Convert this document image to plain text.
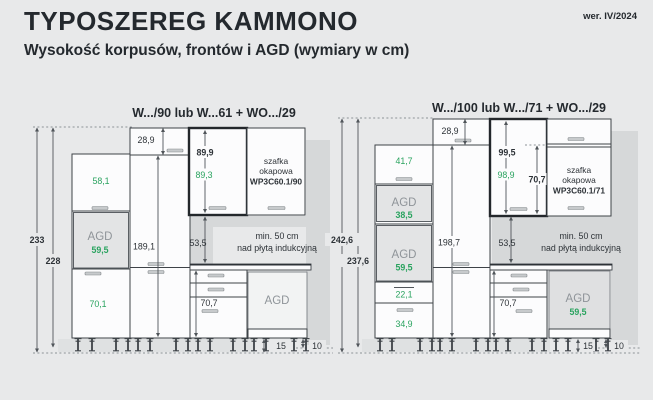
TYPOSZEREG KAMMONO
Wysokość korpusów, frontów i AGD (wymiary w cm)
wer. IV/2024
W.../90 lub W...61 + WO.../29
233
228
58,1
AGD
59,5
70,1
28,9
189,1
89,9
89,3
szafka
okapowa
WP3C60.1/90
53,5
min. 50 cm
nad płytą indukcyjną
70,7	AGD
15	10
W.../100 lub W.../71 + WO.../29
242,6
237,6
41,7
AGD
38,5
AGD
59,5
22,1
34,9
28,9
198,7
99,5
98,9 70,7
szafka
okapowa
WP3C60.1/71
53,5
min. 50 cm
nad płytą indukcyjną
70,7	AGD
59,5
15 10
